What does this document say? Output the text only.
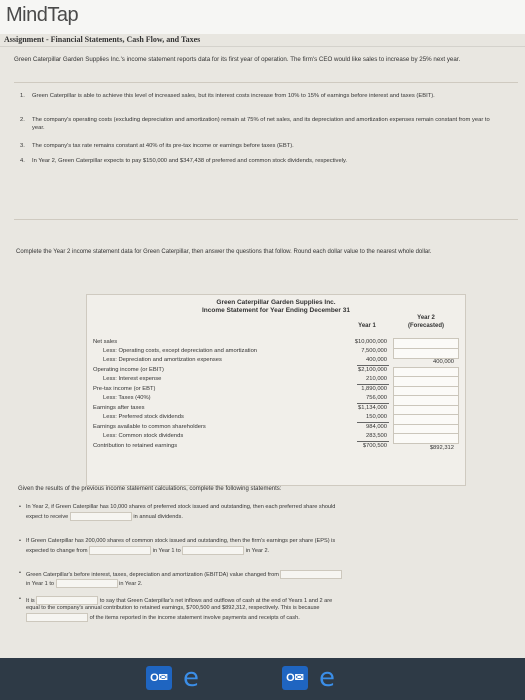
MindTap
Assignment - Financial Statements, Cash Flow, and Taxes
Green Caterpillar Garden Supplies Inc.'s income statement reports data for its first year of operation. The firm's CEO would like sales to increase by 25% next year.
1. Green Caterpillar is able to achieve this level of increased sales, but its interest costs increase from 10% to 15% of earnings before interest and taxes (EBIT).
2. The company's operating costs (excluding depreciation and amortization) remain at 75% of net sales, and its depreciation and amortization expenses remain constant from year to year.
3. The company's tax rate remains constant at 40% of its pre-tax income or earnings before taxes (EBT).
4. In Year 2, Green Caterpillar expects to pay $150,000 and $347,438 of preferred and common stock dividends, respectively.
Complete the Year 2 income statement data for Green Caterpillar, then answer the questions that follow. Round each dollar value to the nearest whole dollar.
Green Caterpillar Garden Supplies Inc.
Income Statement for Year Ending December 31
Year 1
Year 2
(Forecasted)
Net sales	$10,000,000
Less: Operating costs, except depreciation and amortization	7,500,000
Less: Depreciation and amortization expenses	400,000	400,000
Operating income (or EBIT)	$2,100,000
Less: Interest expense	210,000
Pre-tax income (or EBT)	1,890,000
Less: Taxes (40%)	756,000
Earnings after taxes	$1,134,000
Less: Preferred stock dividends	150,000
Earnings available to common shareholders	984,000
Less: Common stock dividends	283,500
Contribution to retained earnings	$700,500	$892,312
Given the results of the previous income statement calculations, complete the following statements:
• In Year 2, if Green Caterpillar has 10,000 shares of preferred stock issued and outstanding, then each preferred share should expect to receive	in annual dividends.
• If Green Caterpillar has 200,000 shares of common stock issued and outstanding, then the firm's earnings per share (EPS) is expected to change from	in Year 1 to	in Year 2.
• Green Caterpillar's before interest, taxes, depreciation and amortization (EBITDA) value changed from  in Year 1 to	in Year 2.
• It is	to say that Green Caterpillar's net inflows and outflows of cash at the end of Years 1 and 2 are equal to the company's annual contribution to retained earnings, $700,500 and $892,312, respectively. This is because  of the items reported in the income statement involve payments and receipts of cash.
O✉ e	O✉ e
